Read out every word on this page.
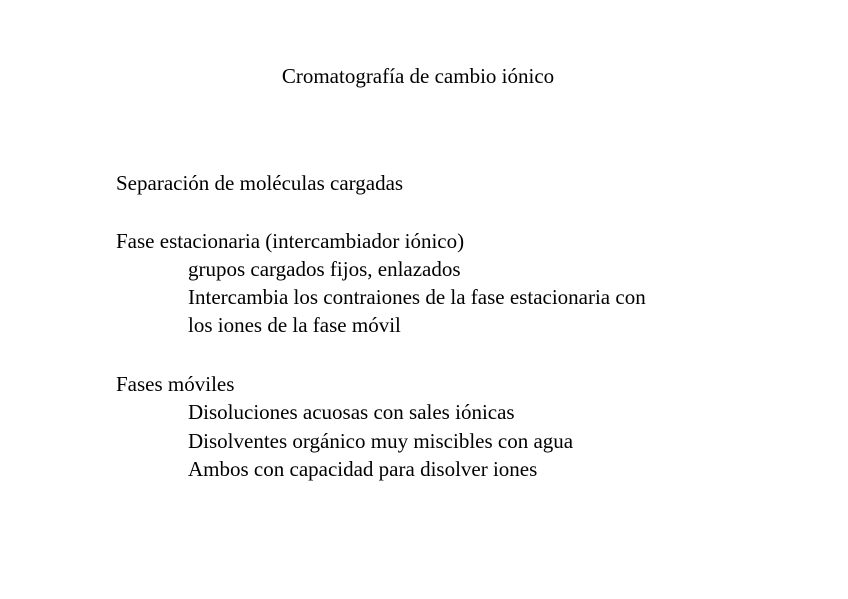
Cromatografía de cambio iónico
Separación de moléculas cargadas
Fase estacionaria (intercambiador iónico)
grupos cargados fijos, enlazados
Intercambia los contraiones de la fase estacionaria con
los iones de la fase móvil
Fases móviles
Disoluciones acuosas con sales iónicas
Disolventes orgánico muy miscibles con agua
Ambos con capacidad para disolver iones
